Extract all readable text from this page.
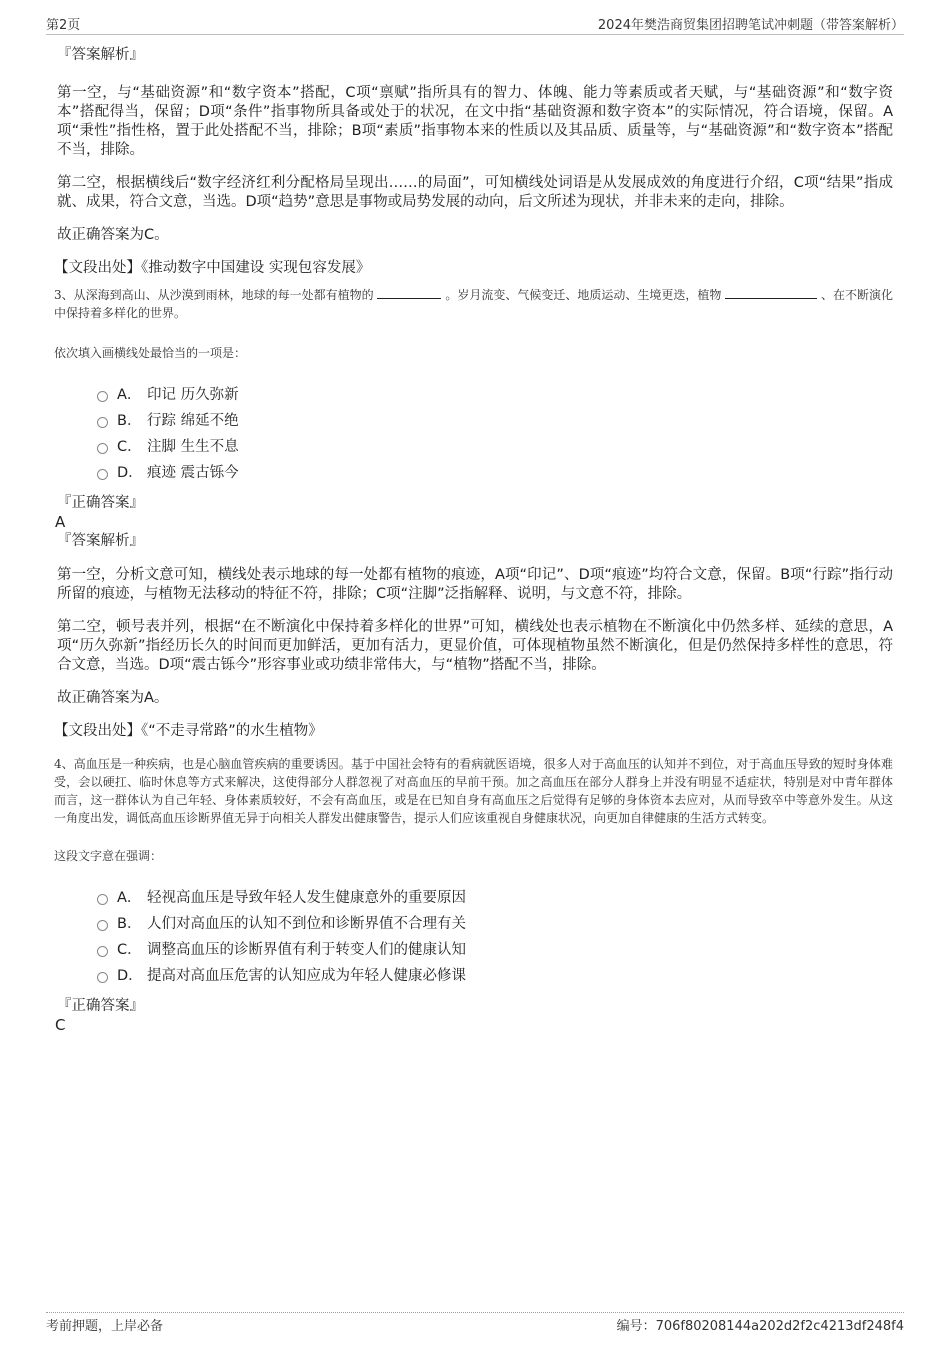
第2页	2024年樊浩商贸集团招聘笔试冲刺题（带答案解析）

『答案解析』

第一空，与“基础资源”和“数字资本”搭配，C项“禀赋”指所具有的智力、体魄、能力等素质或者天赋，与“基础资源”和“数字资本”搭配得当，保留；D项“条件”指事物所具备或处于的状况，在文中指“基础资源和数字资本”的实际情况，符合语境，保留。A项“秉性”指性格，置于此处搭配不当，排除；B项“素质”指事物本来的性质以及其品质、质量等，与“基础资源”和“数字资本”搭配不当，排除。

第二空，根据横线后“数字经济红利分配格局呈现出……的局面”，可知横线处词语是从发展成效的角度进行介绍，C项“结果”指成就、成果，符合文意，当选。D项“趋势”意思是事物或局势发展的动向，后文所述为现状，并非未来的走向，排除。

故正确答案为C。

【文段出处】《推动数字中国建设 实现包容发展》

3、从深海到高山、从沙漠到雨林，地球的每一处都有植物的	。岁月流变、气候变迁、地质运动、生境更迭，植物	、在不断演化中保持着多样化的世界。

依次填入画横线处最恰当的一项是：

A． 印记 历久弥新
B． 行踪 绵延不绝
C． 注脚 生生不息
D． 痕迹 震古铄今

『正确答案』

A

『答案解析』

第一空，分析文意可知，横线处表示地球的每一处都有植物的痕迹，A项“印记”、D项“痕迹”均符合文意，保留。B项“行踪”指行动所留的痕迹，与植物无法移动的特征不符，排除；C项“注脚”泛指解释、说明，与文意不符，排除。

第二空，顿号表并列，根据“在不断演化中保持着多样化的世界”可知，横线处也表示植物在不断演化中仍然多样、延续的意思，A项“历久弥新”指经历长久的时间而更加鲜活，更加有活力，更显价值，可体现植物虽然不断演化，但是仍然保持多样性的意思，符合文意，当选。D项“震古铄今”形容事业或功绩非常伟大，与“植物”搭配不当，排除。

故正确答案为A。

【文段出处】《“不走寻常路”的水生植物》

4、高血压是一种疾病，也是心脑血管疾病的重要诱因。基于中国社会特有的看病就医语境，很多人对于高血压的认知并不到位，对于高血压导致的短时身体难受，会以硬扛、临时休息等方式来解决，这使得部分人群忽视了对高血压的早前干预。加之高血压在部分人群身上并没有明显不适症状，特别是对中青年群体而言，这一群体认为自己年轻、身体素质较好，不会有高血压，或是在已知自身有高血压之后觉得有足够的身体资本去应对，从而导致卒中等意外发生。从这一角度出发，调低高血压诊断界值无异于向相关人群发出健康警告，提示人们应该重视自身健康状况，向更加自律健康的生活方式转变。

这段文字意在强调：

A． 轻视高血压是导致年轻人发生健康意外的重要原因
B． 人们对高血压的认知不到位和诊断界值不合理有关
C． 调整高血压的诊断界值有利于转变人们的健康认知
D． 提高对高血压危害的认知应成为年轻人健康必修课

『正确答案』

C

考前押题，上岸必备	编号：706f80208144a202d2f2c4213df248f4
